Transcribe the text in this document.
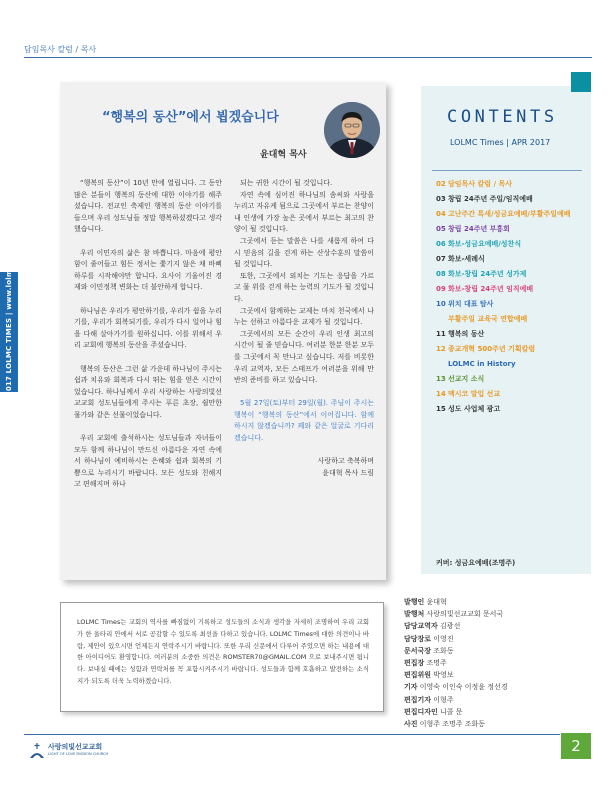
담임목사 칼럼 / 목사
APR 2017 LOLMC TIMES | www.lolmc.org
“행복의 동산”에서 뵙겠습니다
윤대혁 목사

“행복의 동산”이 10년 만에 열립니다. 그 동안 많은 분들이 행복의 동산에 대한 이야기를 해주셨습니다. 전교인 축제인 행복의 동산 이야기를 들으며 우리 성도님들 정말 행복하셨겠다고 생각했습니다.

우리 이민자의 삶은 참 바쁩니다. 마음에 평안함이 줄어들고 힘든 정서는 쫓기지 않은 채 바삐 하루를 시작해야만 합니다. 요사이 기울어진 경제와 이민정책 변화는 더 불안하게 합니다.

하나님은 우리가 평안하기를, 우리가 쉼을 누리기를, 우리가 회복되기를, 우리가 다시 일어나 힘을 다해 살아가기를 원하십니다. 이를 위해서 우리 교회에 행복의 동산을 주셨습니다.

행복의 동산은 그런 삶 가운데 하나님이 주시는 쉼과 치유와 회복과 다시 뛰는 힘을 얻은 시간이었습니다. 하나님께서 우리 사랑하는 사랑의빛선교교회 성도님들에게 주시는 푸른 초장, 쉴만한 물가와 같은 선물이었습니다.

우리 교회에 출석하시는 성도님들과 자녀들이 모두 함께 하나님이 만드신 아름다운 자연 속에서 하나님이 예비하시는 은혜와 쉼과 회복의 기쁨으로 누리시기 바랍니다. 모든 성도와 친해지고 편해지며 하나

되는 귀한 시간이 될 것입니다.

자연 속에 심어진 하나님의 솜씨와 사랑을 누리고 자유케 됨으로 그곳에서 부르는 찬양이 내 인생에 가장 높은 곳에서 부르는 최고의 찬양이 될 것입니다.

그곳에서 듣는 말씀은 나를 새롭게 하여 다시 믿음의 길을 걷게 하는 산상수훈의 말씀이 될 것입니다.

또한, 그곳에서 외치는 기도는 응답을 가르고 물 위를 걷게 하는 능력의 기도가 될 것입니다.

그곳에서 함께하는 교제는 마치 천국에서 나누는 선하고 아름다운 교제가 될 것입니다.

그곳에서의 모든 순간이 우리 인생 최고의 시간이 될 줄 믿습니다. 여러분 한분 한분 모두를 그곳에서 꼭 만나고 싶습니다. 저를 비롯한 우리 교역자, 모든 스태프가 여러분을 위해 만반의 준비를 하고 있습니다.

5월 27일(토)부터 29일(월). 주님이 주시는 행복이 “행복의 동산”에서 이어집니다. 함께 하시지 않겠습니까? 꽤와 같은 얼굴로 기다리겠습니다.

사랑하고 축복하며

윤대혁 목사 드림

CONTENTS
LOLMC Times | APR 2017
02 담임목사 칼럼 / 목사
03 창립 24주년 주일/임직예배
04 고난주간 특새/성금요예배/부활주일예배
05 창립 24주년 부흥회
06 화보-성금요예배/성찬식
07 화보-세례식
08 화보-창립 24주년 성가제
09 화보-창립 24주년 임직예배
10 위치 대표 탐사
부활주일 교육국 연합예배
11 행복의 동산
12 종교개혁 500주년 기획칼럼
LOLMC in History
13 선교지 소식
14 멕시코 말입 선교
15 성도 사업체 광고
커버: 성금요예배(조명주)
LOLMC Times는 교회의 역사를 빠짐없이 기록하고 성도들의 소식과 생각을 자세히 조명하여 우리 교회가 한 울타리 안에서 서로 공감할 수 있도록 최선을 다하고 있습니다. LOLMC Times에 대한 의견이나 바람, 제안이 있으시면 언제든지 연락주시기 바랍니다. 또한 우리 신문에서 다루어 주었으면 하는 내용에 대한 아이디어도 환영합니다. 여러분의 소중한 의견은 ROMSTER70@GMAIL.COM 으로 보내주시면 됩니다. 보내실 때에는 성함과 연락처를 꼭 포함시켜주시기 바랍니다. 성도들과 함께 호흡하고 발전하는 소식지가 되도록 더욱 노력하겠습니다.
발행인 윤대혁
발행처 사랑의빛선교교회 문서국
담당교역자 김광선
담당장로 이영진
문서국장 조화동
편집장 조명주
편집위원 박영보
기자 이영숙 이인숙 이정윤 정선경
편집기자 이형주
편집디자인 니콜 문
사진 이형주 조명주 조화동
사랑의빛선교교회
LIGHT OF LOVE MISSION CHURCH	2
